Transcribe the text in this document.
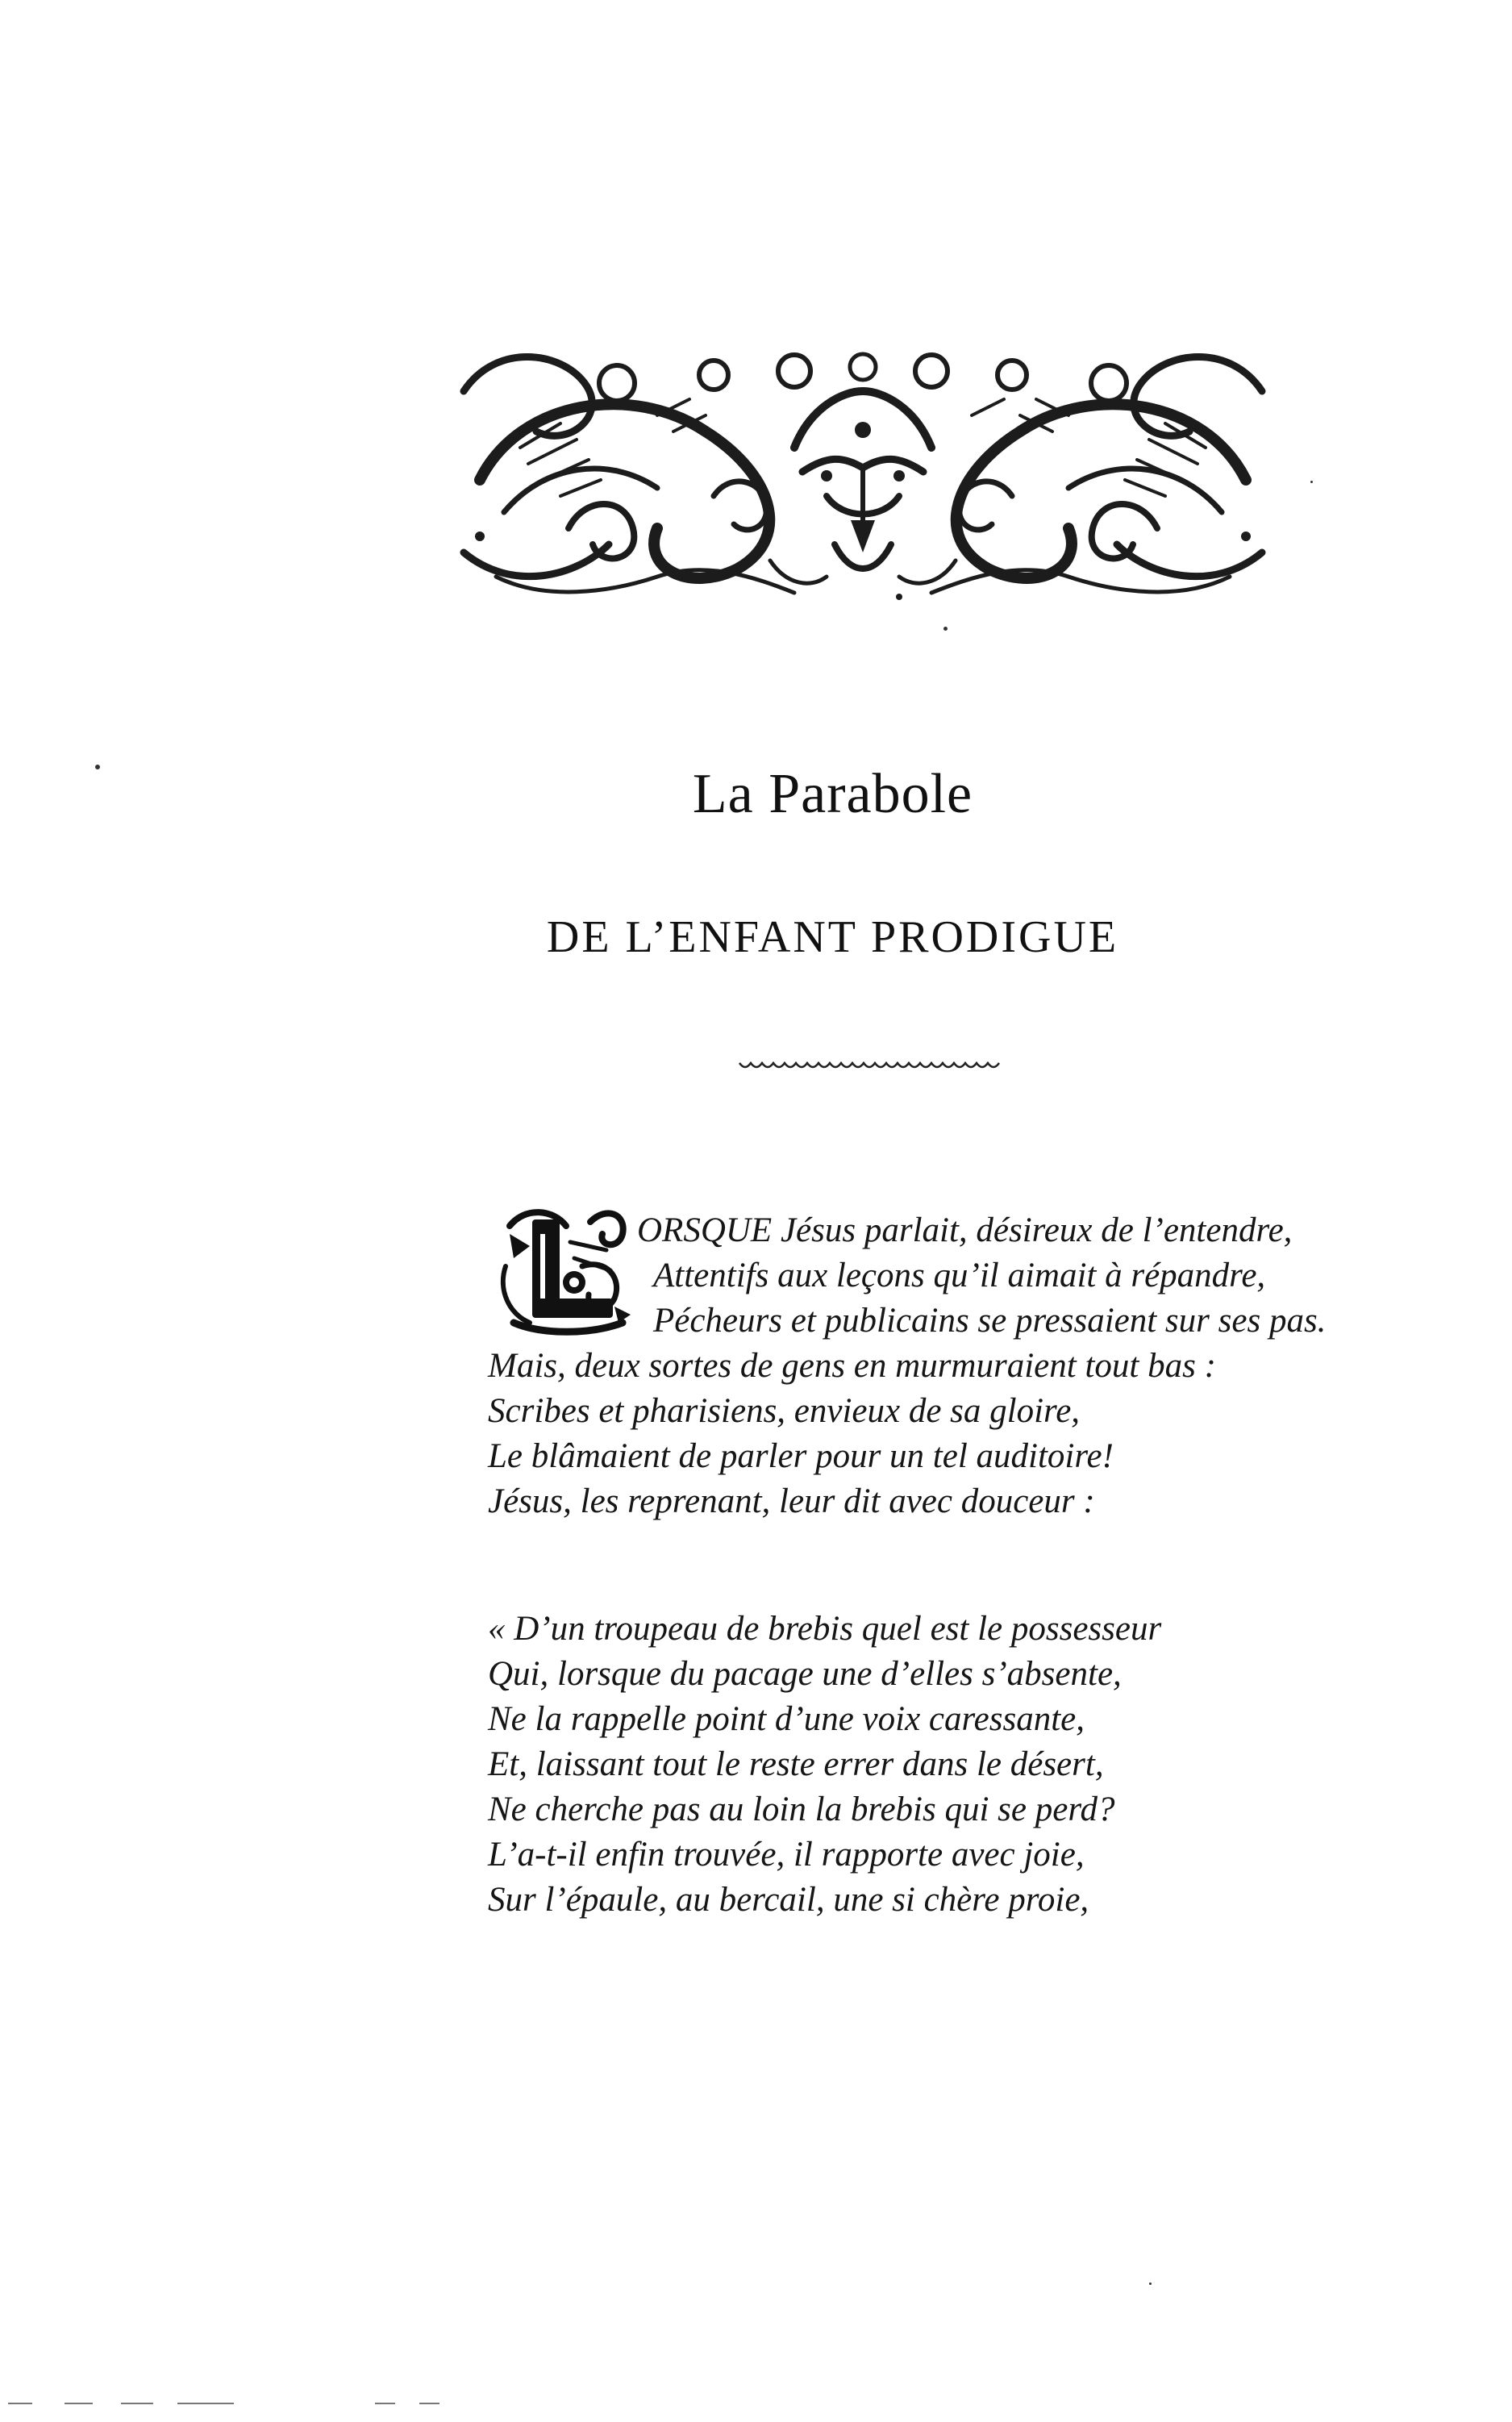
La Parabole
DE L’ENFANT PRODIGUE
ORSQUE Jésus parlait, désireux de l’entendre,
Attentifs aux leçons qu’il aimait à répandre,
Pécheurs et publicains se pressaient sur ses pas.
Mais, deux sortes de gens en murmuraient tout bas :
Scribes et pharisiens, envieux de sa gloire,
Le blâmaient de parler pour un tel auditoire!
Jésus, les reprenant, leur dit avec douceur :
« D’un troupeau de brebis quel est le possesseur
Qui, lorsque du pacage une d’elles s’absente,
Ne la rappelle point d’une voix caressante,
Et, laissant tout le reste errer dans le désert,
Ne cherche pas au loin la brebis qui se perd?
L’a-t-il enfin trouvée, il rapporte avec joie,
Sur l’épaule, au bercail, une si chère proie,
